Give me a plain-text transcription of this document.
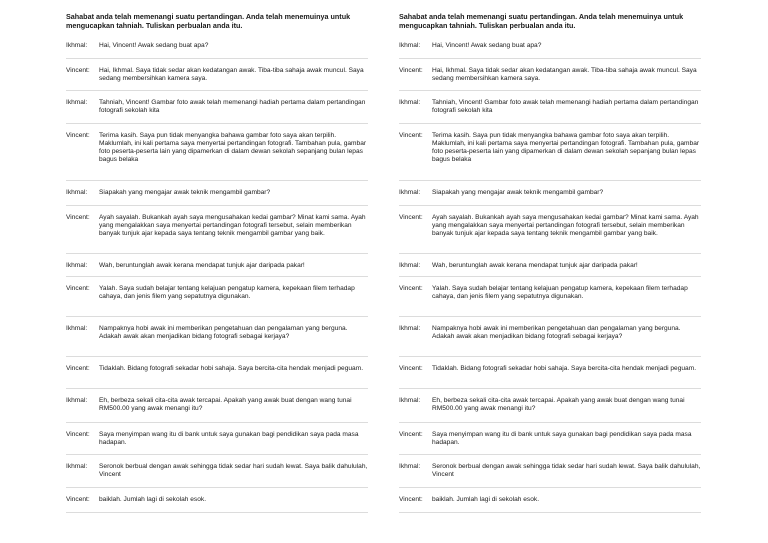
Sahabat anda telah memenangi suatu pertandingan. Anda telah menemuinya untuk mengucapkan tahniah. Tuliskan perbualan anda itu.

Ikhmal:	Hai, Vincent! Awak sedang buat apa?
Vincent:	Hai, Ikhmal. Saya tidak sedar akan kedatangan awak. Tiba-tiba sahaja awak muncul. Saya sedang membersihkan kamera saya.
Ikhmal:	Tahniah, Vincent! Gambar foto awak telah memenangi hadiah pertama dalam pertandingan fotografi sekolah kita
Vincent:	Terima kasih. Saya pun tidak menyangka bahawa gambar foto saya akan terpilih. Maklumlah, ini kali pertama saya menyertai pertandingan fotografi. Tambahan pula, gambar foto peserta-peserta lain yang dipamerkan di dalam dewan sekolah sepanjang bulan lepas bagus belaka
Ikhmal:	Siapakah yang mengajar awak teknik mengambil gambar?
Vincent:	Ayah sayalah. Bukankah ayah saya mengusahakan kedai gambar? Minat kami sama. Ayah yang mengalakkan saya menyertai pertandingan fotografi tersebut, selain memberikan banyak tunjuk ajar kepada saya tentang teknik mengambil gambar yang baik.
Ikhmal:	Wah, beruntunglah awak kerana mendapat tunjuk ajar daripada pakar!
Vincent:	Yalah. Saya sudah belajar tentang kelajuan pengatup kamera, kepekaan filem terhadap cahaya, dan jenis filem yang sepatutnya digunakan.
Ikhmal:	Nampaknya hobi awak ini memberikan pengetahuan dan pengalaman yang berguna. Adakah awak akan menjadikan bidang fotografi sebagai kerjaya?
Vincent:	Tidaklah. Bidang fotografi sekadar hobi sahaja. Saya bercita-cita hendak menjadi peguam.
Ikhmal:	Eh, berbeza sekali cita-cita awak tercapai. Apakah yang awak buat dengan wang tunai RM500.00 yang awak menangi itu?
Vincent:	Saya menyimpan wang itu di bank untuk saya gunakan bagi pendidikan saya pada masa hadapan.
Ikhmal:	Seronok berbual dengan awak sehingga tidak sedar hari sudah lewat. Saya balik dahululah, Vincent
Vincent:	baiklah. Jumlah lagi di sekolah esok.

Sahabat anda telah memenangi suatu pertandingan. Anda telah menemuinya untuk mengucapkan tahniah. Tuliskan perbualan anda itu.

Ikhmal:	Hai, Vincent! Awak sedang buat apa?
Vincent:	Hai, Ikhmal. Saya tidak sedar akan kedatangan awak. Tiba-tiba sahaja awak muncul. Saya sedang membersihkan kamera saya.
Ikhmal:	Tahniah, Vincent! Gambar foto awak telah memenangi hadiah pertama dalam pertandingan fotografi sekolah kita
Vincent:	Terima kasih. Saya pun tidak menyangka bahawa gambar foto saya akan terpilih. Maklumlah, ini kali pertama saya menyertai pertandingan fotografi. Tambahan pula, gambar foto peserta-peserta lain yang dipamerkan di dalam dewan sekolah sepanjang bulan lepas bagus belaka
Ikhmal:	Siapakah yang mengajar awak teknik mengambil gambar?
Vincent:	Ayah sayalah. Bukankah ayah saya mengusahakan kedai gambar? Minat kami sama. Ayah yang mengalakkan saya menyertai pertandingan fotografi tersebut, selain memberikan banyak tunjuk ajar kepada saya tentang teknik mengambil gambar yang baik.
Ikhmal:	Wah, beruntunglah awak kerana mendapat tunjuk ajar daripada pakar!
Vincent:	Yalah. Saya sudah belajar tentang kelajuan pengatup kamera, kepekaan filem terhadap cahaya, dan jenis filem yang sepatutnya digunakan.
Ikhmal:	Nampaknya hobi awak ini memberikan pengetahuan dan pengalaman yang berguna. Adakah awak akan menjadikan bidang fotografi sebagai kerjaya?
Vincent:	Tidaklah. Bidang fotografi sekadar hobi sahaja. Saya bercita-cita hendak menjadi peguam.
Ikhmal:	Eh, berbeza sekali cita-cita awak tercapai. Apakah yang awak buat dengan wang tunai RM500.00 yang awak menangi itu?
Vincent:	Saya menyimpan wang itu di bank untuk saya gunakan bagi pendidikan saya pada masa hadapan.
Ikhmal:	Seronok berbual dengan awak sehingga tidak sedar hari sudah lewat. Saya balik dahululah, Vincent
Vincent:	baiklah. Jumlah lagi di sekolah esok.
